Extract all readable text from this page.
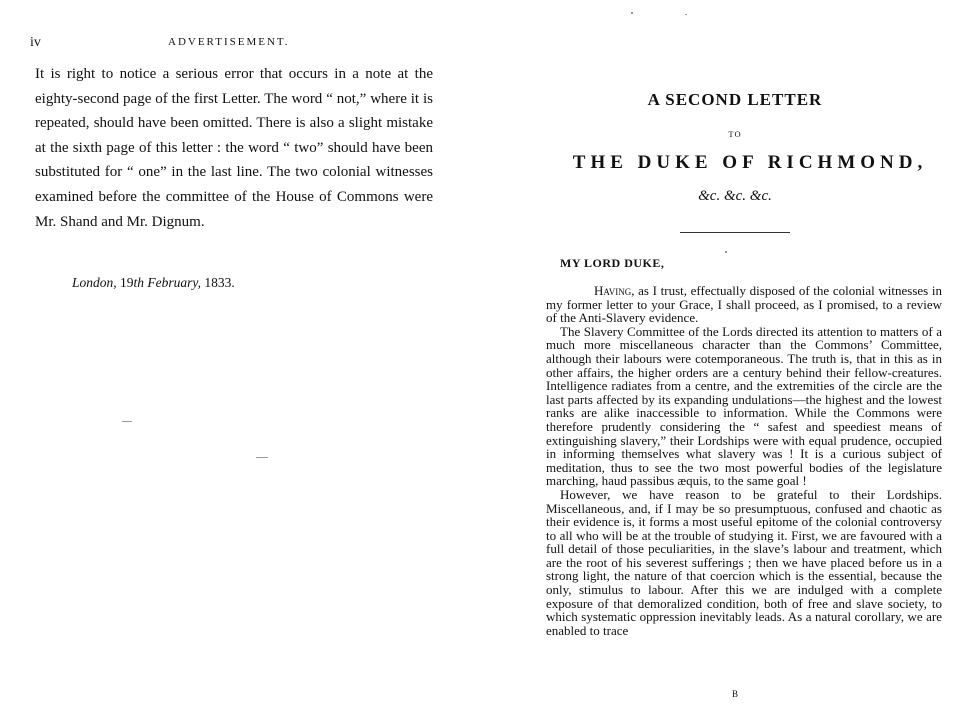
iv	ADVERTISEMENT.

It is right to notice a serious error that occurs in a note at the eighty-second page of the first Letter. The word “ not,” where it is repeated, should have been omitted. There is also a slight mistake at the sixth page of this letter : the word “ two” should have been substituted for “ one” in the last line. The two colonial witnesses examined before the committee of the House of Commons were Mr. Shand and Mr. Dignum.

London, 19th February, 1833.
A SECOND LETTER
TO
THE DUKE OF RICHMOND,
&c. &c. &c.
MY LORD DUKE,

Having, as I trust, effectually disposed of the colonial witnesses in my former letter to your Grace, I shall proceed, as I promised, to a review of the Anti-Slavery evidence.

The Slavery Committee of the Lords directed its attention to matters of a much more miscellaneous character than the Commons’ Committee, although their labours were cotemporaneous. The truth is, that in this as in other affairs, the higher orders are a century behind their fellow-creatures. Intelligence radiates from a centre, and the extremities of the circle are the last parts affected by its expanding undulations—the highest and the lowest ranks are alike inaccessible to information. While the Commons were therefore prudently considering the “ safest and speediest means of extinguishing slavery,” their Lordships were with equal prudence, occupied in informing themselves what slavery was ! It is a curious subject of meditation, thus to see the two most powerful bodies of the legislature marching, haud passibus æquis, to the same goal !

However, we have reason to be grateful to their Lordships. Miscellaneous, and, if I may be so presumptuous, confused and chaotic as their evidence is, it forms a most useful epitome of the colonial controversy to all who will be at the trouble of studying it. First, we are favoured with a full detail of those peculiarities, in the slave’s labour and treatment, which are the root of his severest sufferings ; then we have placed before us in a strong light, the nature of that coercion which is the essential, because the only, stimulus to labour. After this we are indulged with a complete exposure of that demoralized condition, both of free and slave society, to which systematic oppression inevitably leads. As a natural corollary, we are enabled to trace

B
